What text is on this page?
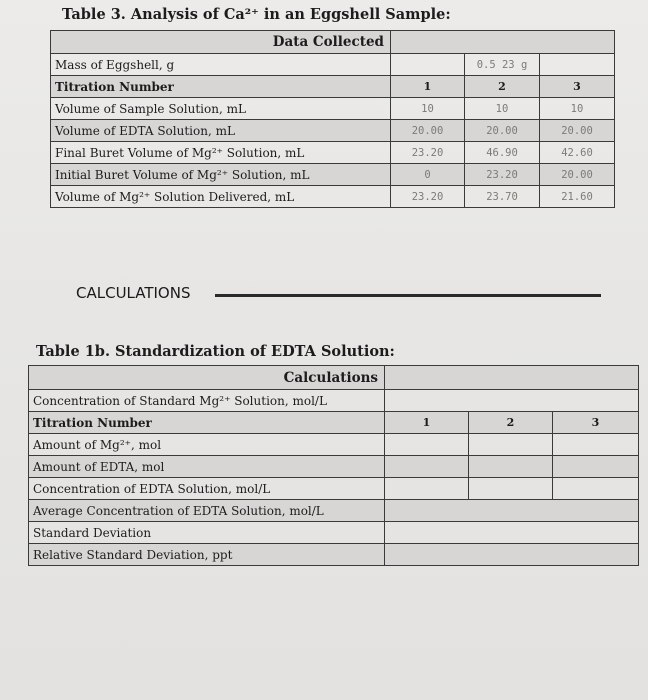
Table 3. Analysis of Ca²⁺ in an Eggshell Sample:
Data Collected			
Mass of Eggshell, g		0.5 23 g	
Titration Number	1	2	3
Volume of Sample Solution, mL	10	10	10
Volume of EDTA Solution, mL	20.00	20.00	20.00
Final Buret Volume of Mg²⁺ Solution, mL	23.20	46.90	42.60
Initial Buret Volume of Mg²⁺ Solution, mL	0	23.20	20.00
Volume of Mg²⁺ Solution Delivered, mL	23.20	23.70	21.60
CALCULATIONS
Table 1b. Standardization of EDTA Solution:
Calculations			
Concentration of Standard Mg²⁺ Solution, mol/L			
Titration Number	1	2	3
Amount of Mg²⁺, mol			
Amount of EDTA, mol			
Concentration of EDTA Solution, mol/L			
Average Concentration of EDTA Solution, mol/L			
Standard Deviation			
Relative Standard Deviation, ppt			
